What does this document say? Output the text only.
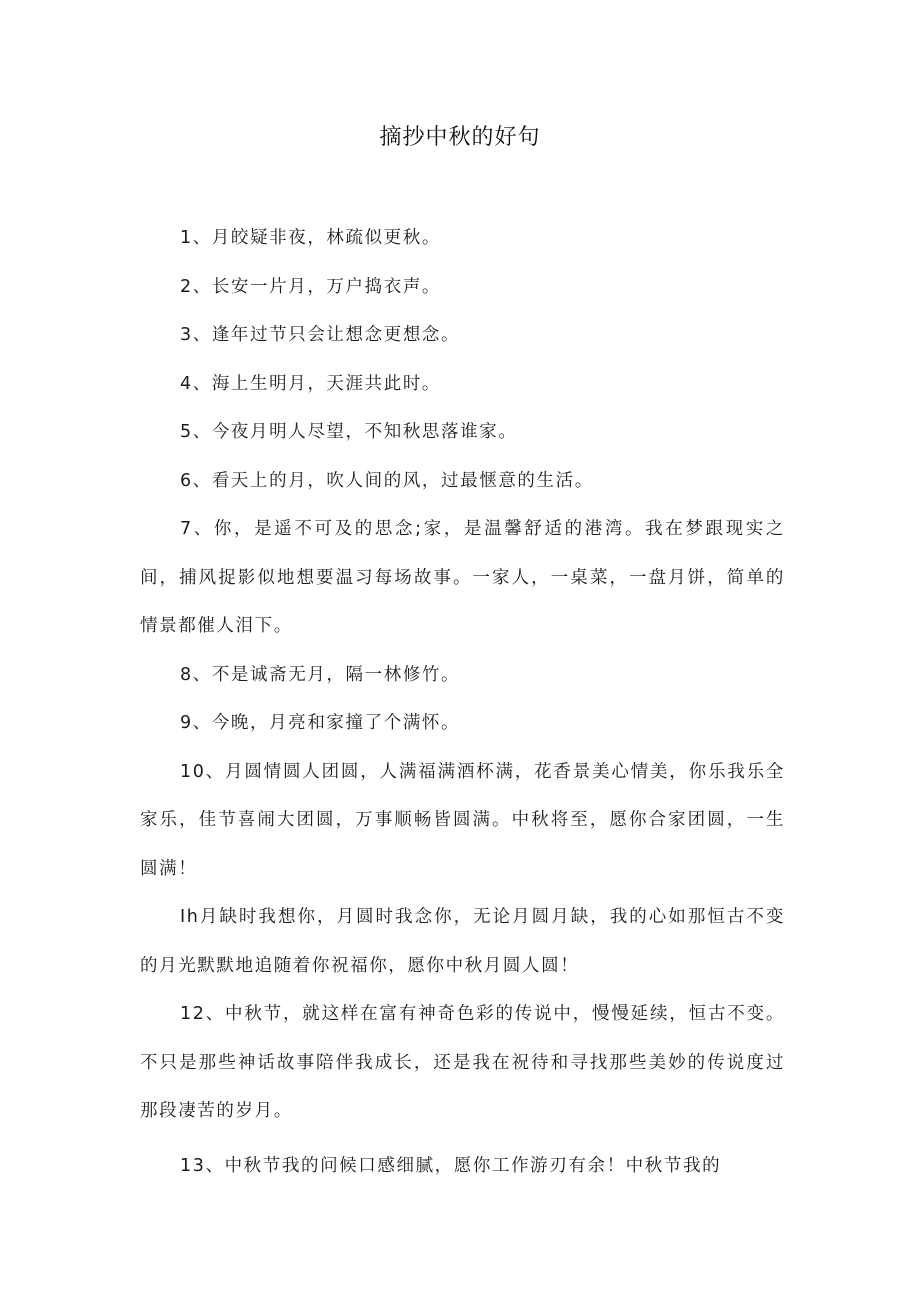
摘抄中秋的好句

1、月皎疑非夜，林疏似更秋。

2、长安一片月，万户捣衣声。

3、逢年过节只会让想念更想念。

4、海上生明月，天涯共此时。

5、今夜月明人尽望，不知秋思落谁家。

6、看天上的月，吹人间的风，过最惬意的生活。

7、你，是遥不可及的思念;家，是温馨舒适的港湾。我在梦跟现实之间，捕风捉影似地想要温习每场故事。一家人，一桌菜，一盘月饼，简单的情景都催人泪下。

8、不是诚斋无月，隔一林修竹。

9、今晚，月亮和家撞了个满怀。

10、月圆情圆人团圆，人满福满酒杯满，花香景美心情美，你乐我乐全家乐，佳节喜闹大团圆，万事顺畅皆圆满。中秋将至，愿你合家团圆，一生圆满！

Ih月缺时我想你，月圆时我念你，无论月圆月缺，我的心如那恒古不变的月光默默地追随着你祝福你，愿你中秋月圆人圆！

12、中秋节，就这样在富有神奇色彩的传说中，慢慢延续，恒古不变。不只是那些神话故事陪伴我成长，还是我在祝待和寻找那些美妙的传说度过那段凄苦的岁月。

13、中秋节我的问候口感细腻，愿你工作游刃有余！中秋节我的
